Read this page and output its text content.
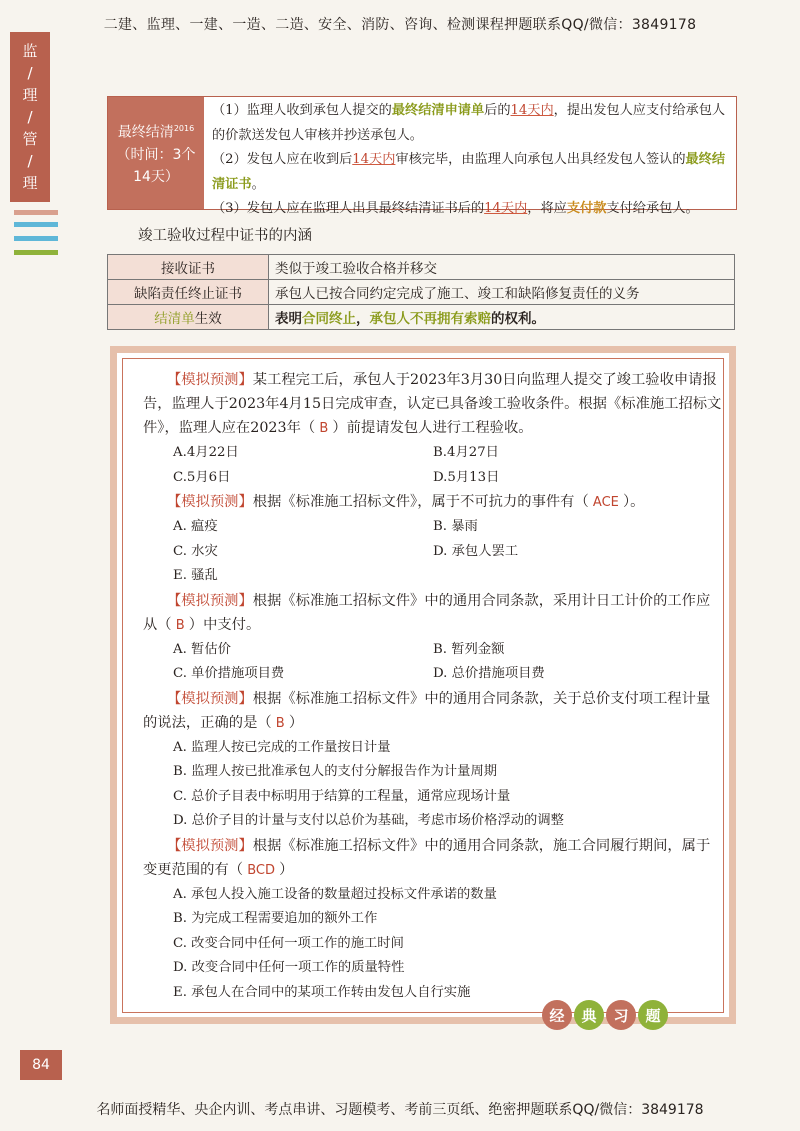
二建、监理、一建、一造、二造、安全、消防、咨询、检测课程押题联系QQ/微信：3849178
监
/
理
/
管
/
理
最终结清$^{2016}$
（时间：3个
14天）
（1）监理人收到承包人提交的最终结清申请单后的14天内，提出发包人应支付给承包人的价款送发包人审核并抄送承包人。
（2）发包人应在收到后14天内审核完毕，由监理人向承包人出具经发包人签认的最终结清证书。
（3）发包人应在监理人出具最终结清证书后的14天内，将应支付款支付给承包人。
竣工验收过程中证书的内涵
接收证书	类似于竣工验收合格并移交
缺陷责任终止证书	承包人已按合同约定完成了施工、竣工和缺陷修复责任的义务
结清单生效	表明合同终止，承包人不再拥有索赔的权利。

【模拟预测】某工程完工后，承包人于2023年3月30日向监理人提交了竣工验收申请报告，监理人于2023年4月15日完成审查，认定已具备竣工验收条件。根据《标准施工招标文件》，监理人应在2023年（ B ）前提请发包人进行工程验收。

A.4月22日	B.4月27日
C.5月6日	D.5月13日

【模拟预测】根据《标准施工招标文件》，属于不可抗力的事件有（ ACE ）。

A. 瘟疫	B. 暴雨
C. 水灾	D. 承包人罢工
E. 骚乱

【模拟预测】根据《标准施工招标文件》中的通用合同条款，采用计日工计价的工作应从（ B ）中支付。

A. 暂估价	B. 暂列金额
C. 单价措施项目费	D. 总价措施项目费

【模拟预测】根据《标准施工招标文件》中的通用合同条款，关于总价支付项工程计量的说法，正确的是（ B ）

A. 监理人按已完成的工作量按日计量
B. 监理人按已批准承包人的支付分解报告作为计量周期
C. 总价子目表中标明用于结算的工程量，通常应现场计量
D. 总价子目的计量与支付以总价为基础，考虑市场价格浮动的调整

【模拟预测】根据《标准施工招标文件》中的通用合同条款，施工合同履行期间，属于变更范围的有（ BCD ）

A. 承包人投入施工设备的数量超过投标文件承诺的数量
B. 为完成工程需要追加的额外工作
C. 改变合同中任何一项工作的施工时间
D. 改变合同中任何一项工作的质量特性
E. 承包人在合同中的某项工作转由发包人自行实施
经	典	习	题
84
名师面授精华、央企内训、考点串讲、习题模考、考前三页纸、绝密押题联系QQ/微信：3849178
